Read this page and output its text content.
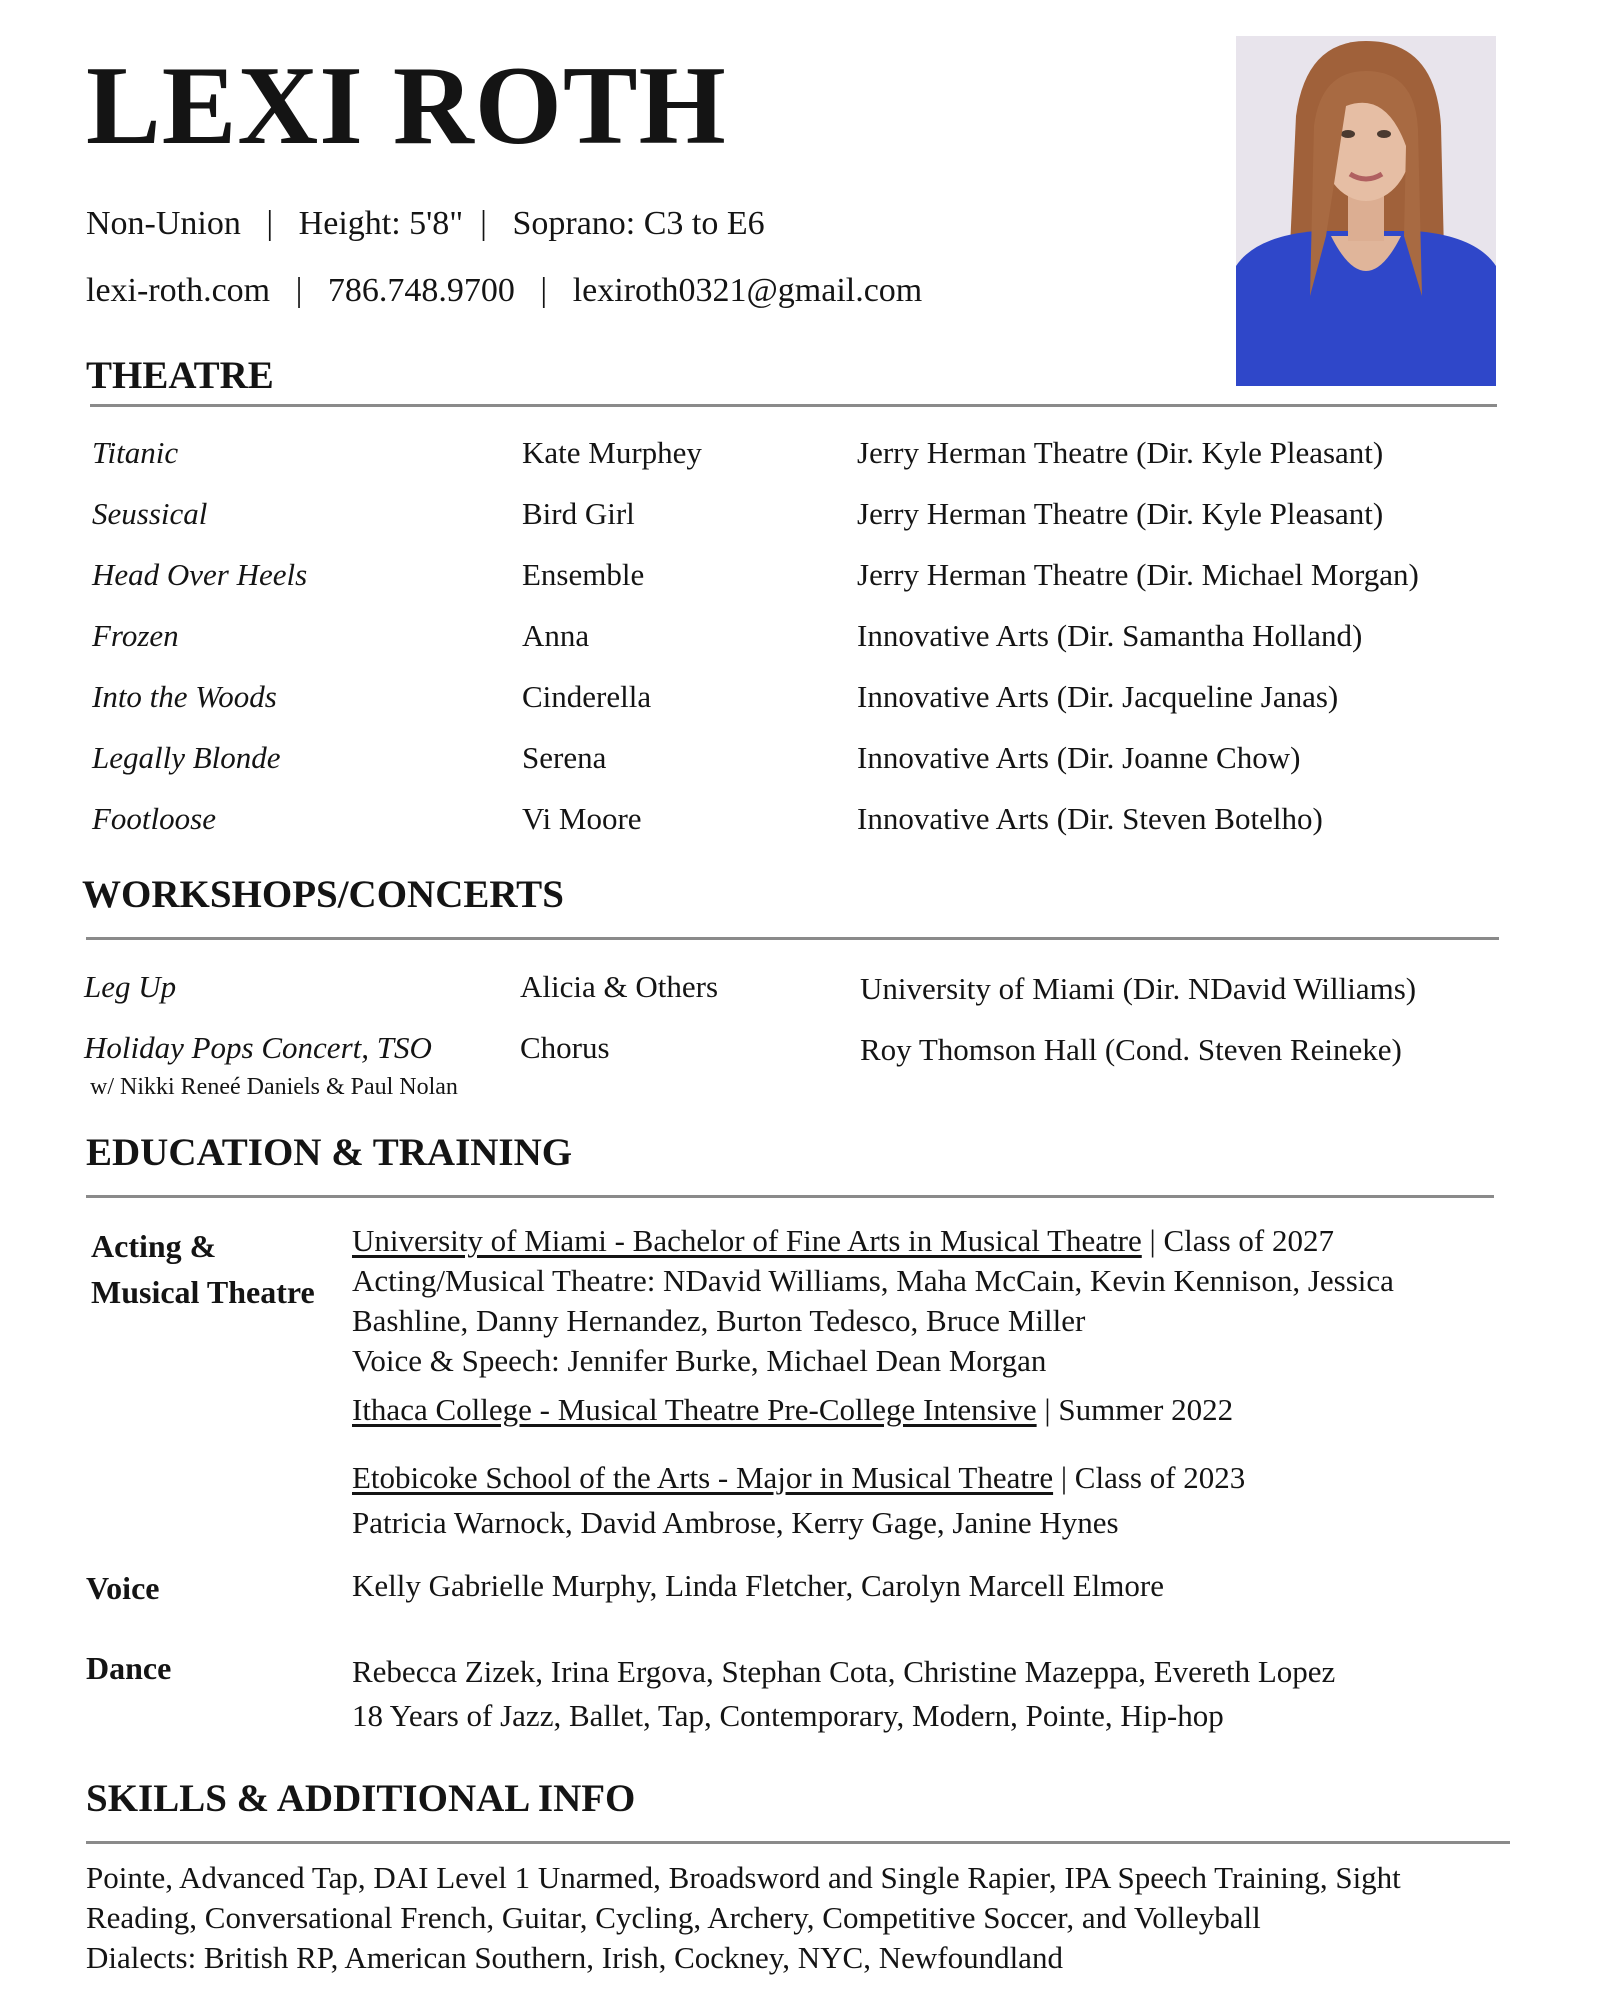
LEXI ROTH
Non-Union   |   Height: 5'8"  |   Soprano: C3 to E6
lexi-roth.com   |   786.748.9700   |   lexiroth0321@gmail.com
THEATRE
Titanic	Kate Murphey	Jerry Herman Theatre (Dir. Kyle Pleasant)
Seussical	Bird Girl	Jerry Herman Theatre (Dir. Kyle Pleasant)
Head Over Heels	Ensemble	Jerry Herman Theatre (Dir. Michael Morgan)
Frozen	Anna	Innovative Arts (Dir. Samantha Holland)
Into the Woods	Cinderella	Innovative Arts (Dir. Jacqueline Janas)
Legally Blonde	Serena	Innovative Arts (Dir. Joanne Chow)
Footloose	Vi Moore	Innovative Arts (Dir. Steven Botelho)
WORKSHOPS/CONCERTS
Leg Up	Alicia & Others	University of Miami (Dir. NDavid Williams)
Holiday Pops Concert, TSO	Chorus	Roy Thomson Hall (Cond. Steven Reineke)
w/ Nikki Reneé Daniels & Paul Nolan
EDUCATION & TRAINING
Acting &
Musical Theatre
University of Miami - Bachelor of Fine Arts in Musical Theatre | Class of 2027
Acting/Musical Theatre: NDavid Williams, Maha McCain, Kevin Kennison, Jessica
Bashline, Danny Hernandez, Burton Tedesco, Bruce Miller
Voice & Speech: Jennifer Burke, Michael Dean Morgan
Ithaca College - Musical Theatre Pre-College Intensive | Summer 2022
Etobicoke School of the Arts - Major in Musical Theatre | Class of 2023
Patricia Warnock, David Ambrose, Kerry Gage, Janine Hynes
Voice	Kelly Gabrielle Murphy, Linda Fletcher, Carolyn Marcell Elmore
Dance	Rebecca Zizek, Irina Ergova, Stephan Cota, Christine Mazeppa, Evereth Lopez
18 Years of Jazz, Ballet, Tap, Contemporary, Modern, Pointe, Hip-hop
SKILLS & ADDITIONAL INFO
Pointe, Advanced Tap, DAI Level 1 Unarmed, Broadsword and Single Rapier, IPA Speech Training, Sight
Reading, Conversational French, Guitar, Cycling, Archery, Competitive Soccer, and Volleyball
Dialects: British RP, American Southern, Irish, Cockney, NYC, Newfoundland
